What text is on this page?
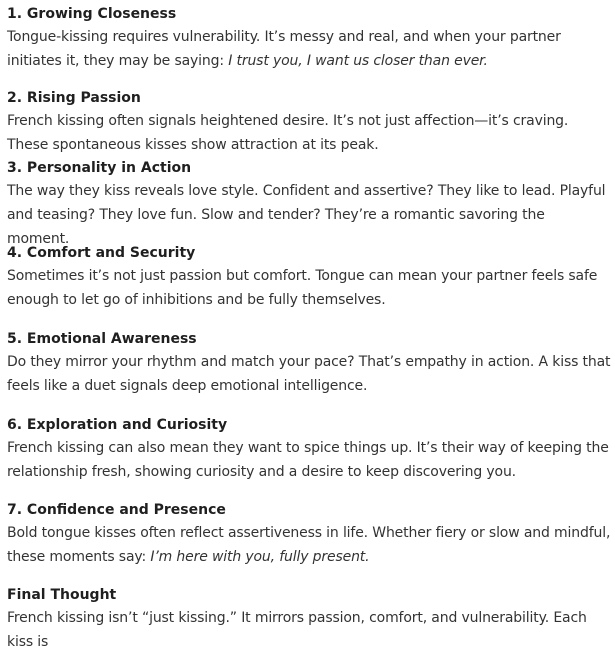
1. Growing Closeness

Tongue-kissing requires vulnerability. It’s messy and real, and when your partner initiates it, they may be saying: I trust you, I want us closer than ever.

2. Rising Passion

French kissing often signals heightened desire. It’s not just affection—it’s craving. These spontaneous kisses show attraction at its peak.

3. Personality in Action

The way they kiss reveals love style. Confident and assertive? They like to lead. Playful and teasing? They love fun. Slow and tender? They’re a romantic savoring the moment.

4. Comfort and Security

Sometimes it’s not just passion but comfort. Tongue can mean your partner feels safe enough to let go of inhibitions and be fully themselves.

5. Emotional Awareness

Do they mirror your rhythm and match your pace? That’s empathy in action. A kiss that feels like a duet signals deep emotional intelligence.

6. Exploration and Curiosity

French kissing can also mean they want to spice things up. It’s their way of keeping the relationship fresh, showing curiosity and a desire to keep discovering you.

7. Confidence and Presence

Bold tongue kisses often reflect assertiveness in life. Whether fiery or slow and mindful, these moments say: I’m here with you, fully present.

Final Thought

French kissing isn’t “just kissing.” It mirrors passion, comfort, and vulnerability. Each kiss is
